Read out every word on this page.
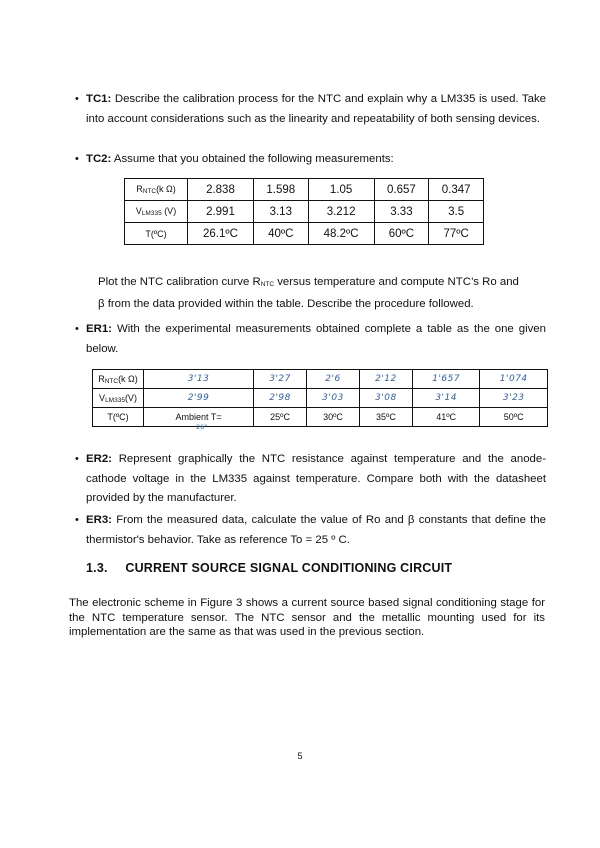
• TC1: Describe the calibration process for the NTC and explain why a LM335 is used. Take into account considerations such as the linearity and repeatability of both sensing devices.
• TC2: Assume that you obtained the following measurements:
$R_{NTC}(k$ Ω)	2.838	1.598	1.05	0.657	0.347
$V_{LM335}$ (V)	2.991	3.13	3.212	3.33	3.5
T(ºC)	26.1ºC	40ºC	48.2ºC	60ºC	77ºC
Plot the NTC calibration curve $R_{NTC}$ versus temperature and compute NTC’s Ro and
β from the data provided within the table. Describe the procedure followed.
• ER1: With the experimental measurements obtained complete a table as the one given below.
$R_{NTC}(k$ Ω)	3'13	3'27	2'6	2'12	1'657	1'074
$V_{LM335}(V)$	2'99	2'98	3'03	3'08	3'14	3'23
T(ºC)	Ambient T=	25ºC	30ºC	35ºC	41ºC	50ºC
26°
• ER2: Represent graphically the NTC resistance against temperature and the anode-cathode voltage in the LM335 against temperature. Compare both with the datasheet provided by the manufacturer.
• ER3: From the measured data, calculate the value of Ro and β constants that define the thermistor's behavior. Take as reference To = 25 º C.
1.3. CURRENT SOURCE SIGNAL CONDITIONING CIRCUIT
The electronic scheme in Figure 3 shows a current source based signal conditioning stage for the NTC temperature sensor. The NTC sensor and the metallic mounting used for its implementation are the same as that was used in the previous section.
5
